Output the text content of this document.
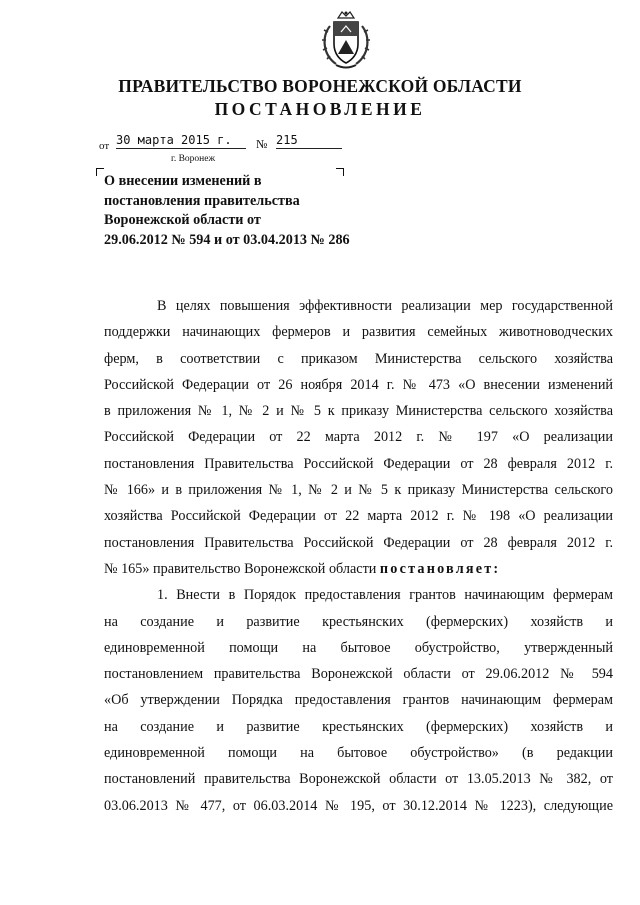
ПРАВИТЕЛЬСТВО ВОРОНЕЖСКОЙ ОБЛАСТИ
ПОСТАНОВЛЕНИЕ
от 30 марта 2015 г.	№ 215
г. Воронеж
О внесении изменений в
постановления правительства
Воронежской области от
29.06.2012 № 594 и от 03.04.2013 № 286
В целях повышения эффективности реализации мер государственной
поддержки начинающих фермеров и развития семейных животноводческих
ферм, в соответствии с приказом Министерства сельского хозяйства
Российской Федерации от 26 ноября 2014 г. № 473 «О внесении изменений
в приложения № 1, № 2 и № 5 к приказу Министерства сельского хозяйства
Российской Федерации от 22 марта 2012 г. № 197 «О реализации
постановления Правительства Российской Федерации от 28 февраля 2012 г.
№ 166» и в приложения № 1, № 2 и № 5 к приказу Министерства сельского
хозяйства Российской Федерации от 22 марта 2012 г. № 198 «О реализации
постановления Правительства Российской Федерации от 28 февраля 2012 г.
№ 165» правительство Воронежской области постановляет:
1. Внести в Порядок предоставления грантов начинающим фермерам
на создание и развитие крестьянских (фермерских) хозяйств и
единовременной помощи на бытовое обустройство, утвержденный
постановлением правительства Воронежской области от 29.06.2012 № 594
«Об утверждении Порядка предоставления грантов начинающим фермерам
на создание и развитие крестьянских (фермерских) хозяйств и
единовременной помощи на бытовое обустройство» (в редакции
постановлений правительства Воронежской области от 13.05.2013 № 382, от
03.06.2013 № 477, от 06.03.2014 № 195, от 30.12.2014 № 1223), следующие
